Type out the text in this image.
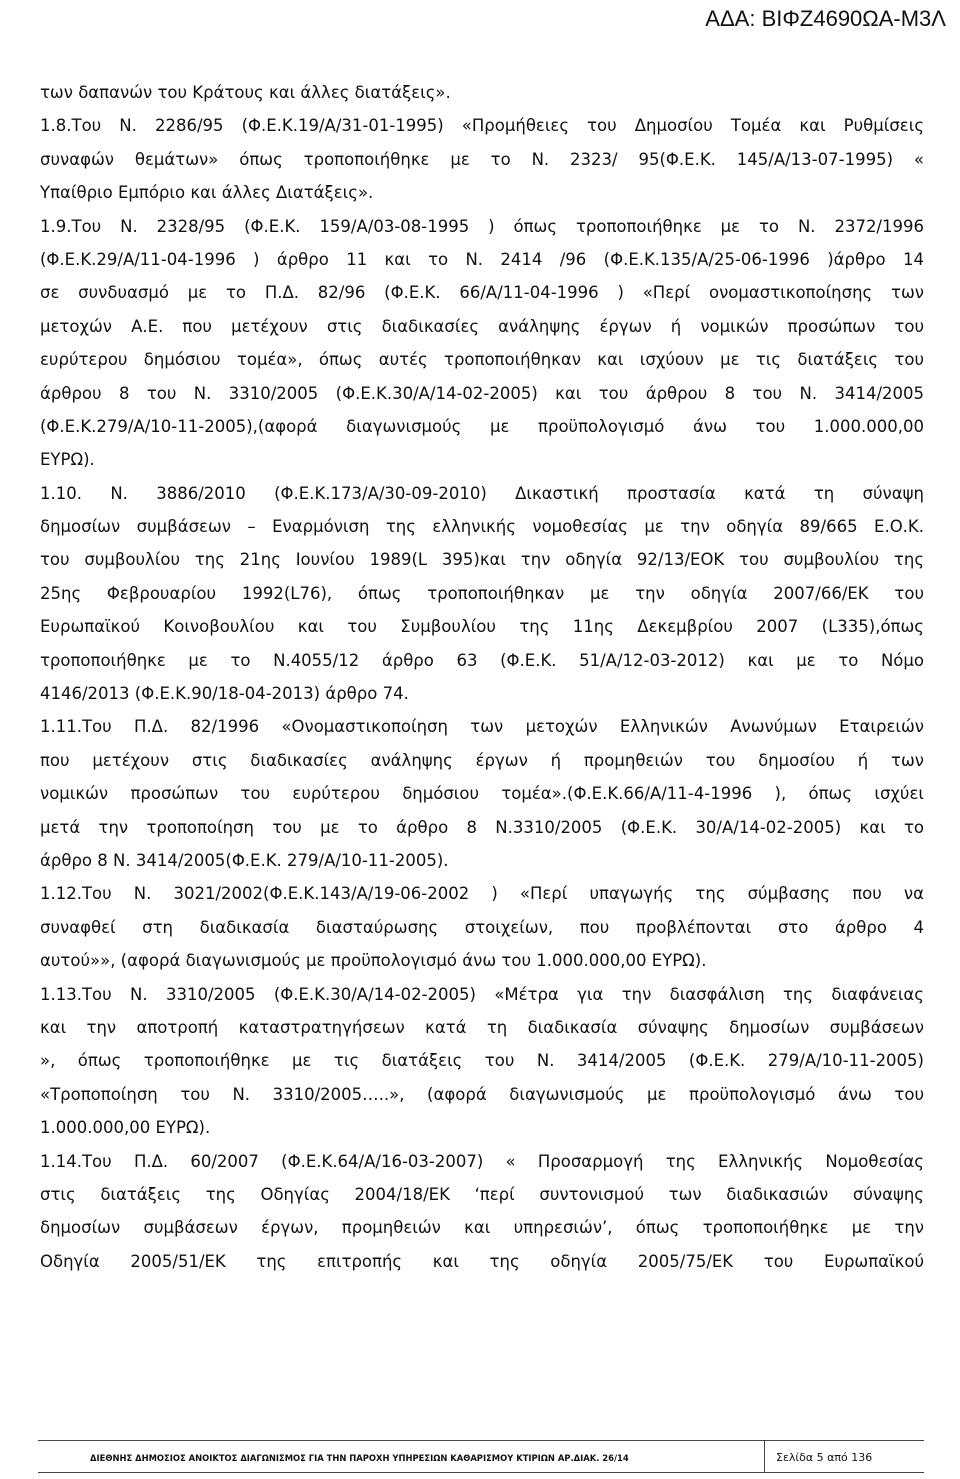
ΑΔΑ: ΒΙΦΖ4690ΩΑ-Μ3Λ
των δαπανών του Κράτους και άλλες διατάξεις».
1.8.Του Ν. 2286/95 (Φ.Ε.Κ.19/Α/31-01-1995) «Προμήθειες του Δημοσίου Τομέα και Ρυθμίσεις
συναφών θεμάτων» όπως τροποποιήθηκε με το Ν. 2323/ 95(Φ.Ε.Κ. 145/Α/13-07-1995) «
Υπαίθριο Εμπόριο και άλλες Διατάξεις».
1.9.Του Ν. 2328/95 (Φ.Ε.Κ. 159/Α/03-08-1995 ) όπως τροποποιήθηκε με το Ν. 2372/1996
(Φ.Ε.Κ.29/Α/11-04-1996 ) άρθρο 11 και το Ν. 2414 /96 (Φ.Ε.Κ.135/Α/25-06-1996 )άρθρο 14
σε συνδυασμό με το Π.Δ. 82/96 (Φ.Ε.Κ. 66/Α/11-04-1996 ) «Περί ονομαστικοποίησης των
μετοχών Α.Ε. που μετέχουν στις διαδικασίες ανάληψης έργων ή νομικών προσώπων του
ευρύτερου δημόσιου τομέα», όπως αυτές τροποποιήθηκαν και ισχύουν με τις διατάξεις του
άρθρου 8 του Ν. 3310/2005 (Φ.Ε.Κ.30/Α/14-02-2005) και του άρθρου 8 του Ν. 3414/2005
(Φ.Ε.Κ.279/Α/10-11-2005),(αφορά διαγωνισμούς με προϋπολογισμό άνω του 1.000.000,00
ΕΥΡΩ).
1.10. Ν. 3886/2010 (Φ.Ε.Κ.173/Α/30-09-2010) Δικαστική προστασία κατά τη σύναψη
δημοσίων συμβάσεων – Εναρμόνιση της ελληνικής νομοθεσίας με την οδηγία 89/665 Ε.Ο.Κ.
του συμβουλίου της 21ης Ιουνίου 1989(L 395)και την οδηγία 92/13/ΕΟΚ του συμβουλίου της
25ης Φεβρουαρίου 1992(L76), όπως τροποποιήθηκαν με την οδηγία 2007/66/ΕΚ του
Ευρωπαϊκού Κοινοβουλίου και του Συμβουλίου της 11ης Δεκεμβρίου 2007 (L335),όπως
τροποποιήθηκε με το Ν.4055/12 άρθρο 63 (Φ.Ε.Κ. 51/Α/12-03-2012) και με το Νόμο
4146/2013 (Φ.Ε.Κ.90/18-04-2013) άρθρο 74.
1.11.Του Π.Δ. 82/1996 «Ονομαστικοποίηση των μετοχών Ελληνικών Ανωνύμων Εταιρειών
που μετέχουν στις διαδικασίες ανάληψης έργων ή προμηθειών του δημοσίου ή των
νομικών προσώπων του ευρύτερου δημόσιου τομέα».(Φ.Ε.Κ.66/Α/11-4-1996 ), όπως ισχύει
μετά την τροποποίηση του με το άρθρο 8 Ν.3310/2005 (Φ.Ε.Κ. 30/Α/14-02-2005) και το
άρθρο 8 Ν. 3414/2005(Φ.Ε.Κ. 279/Α/10-11-2005).
1.12.Του Ν. 3021/2002(Φ.Ε.Κ.143/Α/19-06-2002 ) «Περί υπαγωγής της σύμβασης που να
συναφθεί στη διαδικασία διασταύρωσης στοιχείων, που προβλέπονται στο άρθρο 4
αυτού»», (αφορά διαγωνισμούς με προϋπολογισμό άνω του 1.000.000,00 ΕΥΡΩ).
1.13.Του Ν. 3310/2005 (Φ.Ε.Κ.30/Α/14-02-2005) «Μέτρα για την διασφάλιση της διαφάνειας
και την αποτροπή καταστρατηγήσεων κατά τη διαδικασία σύναψης δημοσίων συμβάσεων
», όπως τροποποιήθηκε με τις διατάξεις του Ν. 3414/2005 (Φ.Ε.Κ. 279/Α/10-11-2005)
«Τροποποίηση του Ν. 3310/2005…..», (αφορά διαγωνισμούς με προϋπολογισμό άνω του
1.000.000,00 ΕΥΡΩ).
1.14.Του Π.Δ. 60/2007 (Φ.Ε.Κ.64/Α/16-03-2007) « Προσαρμογή της Ελληνικής Νομοθεσίας
στις διατάξεις της Οδηγίας 2004/18/ΕΚ ‘περί συντονισμού των διαδικασιών σύναψης
δημοσίων συμβάσεων έργων, προμηθειών και υπηρεσιών’, όπως τροποποιήθηκε με την
Οδηγία 2005/51/ΕΚ της επιτροπής και της οδηγία 2005/75/ΕΚ του Ευρωπαϊκού
ΔΙΕΘΝΗΣ ΔΗΜΟΣΙΟΣ ΑΝΟΙΚΤΟΣ ΔΙΑΓΩΝΙΣΜΟΣ ΓΙΑ ΤΗΝ ΠΑΡΟΧΗ ΥΠΗΡΕΣΙΩΝ ΚΑΘΑΡΙΣΜΟΥ ΚΤΙΡΙΩΝ ΑΡ.ΔΙΑΚ. 26/14	Σελίδα 5 από 136
